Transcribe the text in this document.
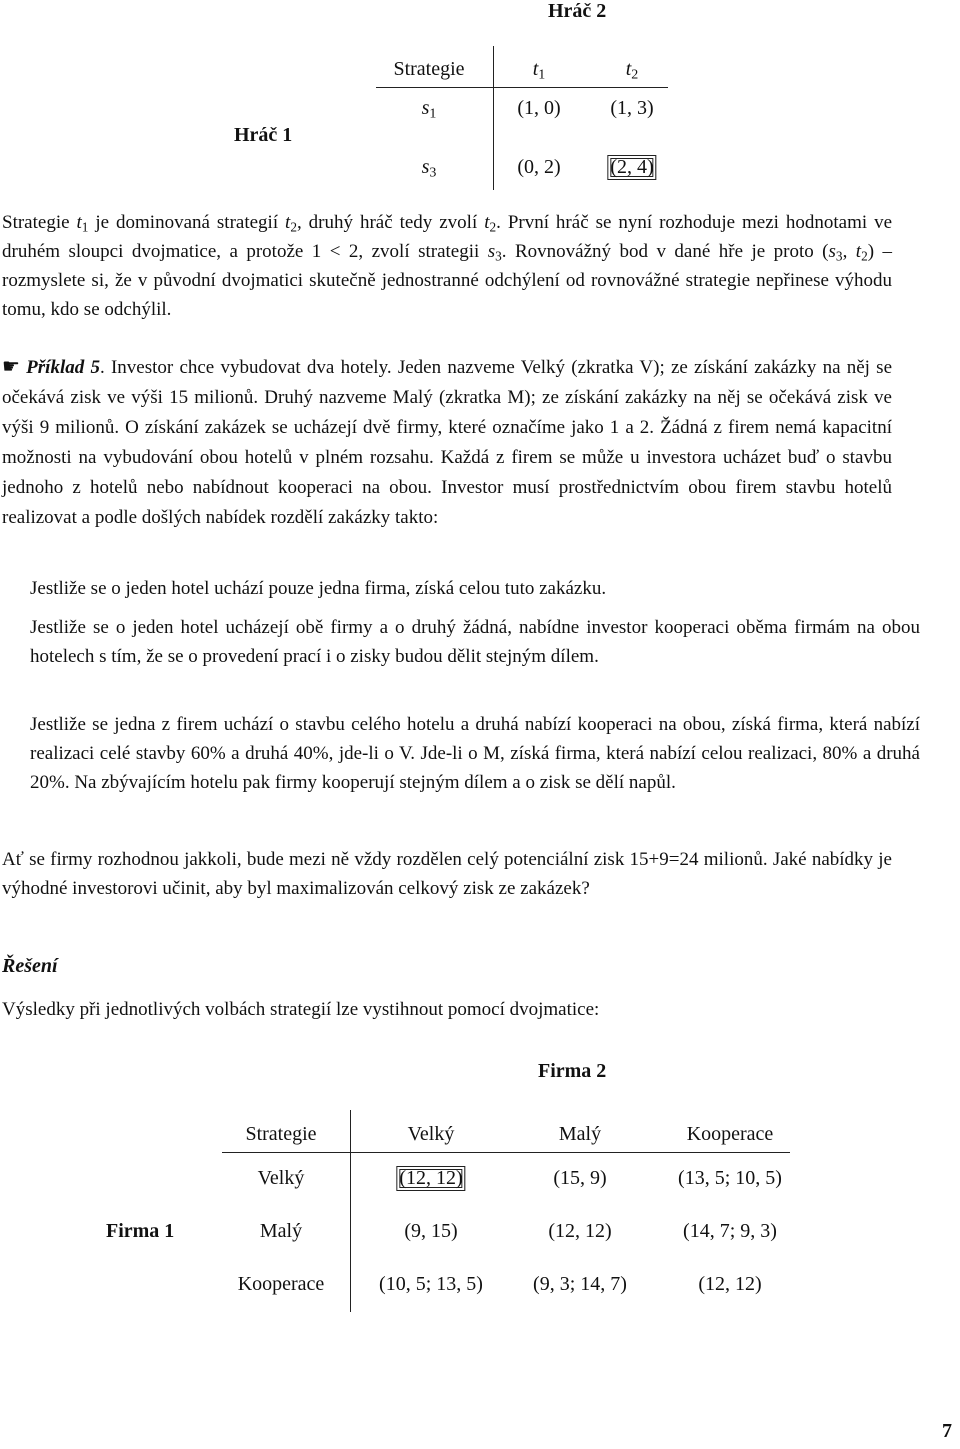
Hráč 2
Hráč 1
Strategie	$t_1$	$t_2$
$s_1$	(1, 0) (1, 3)
$s_3$	(0, 2) (2, 4)
Strategie $t_1$ je dominovaná strategií $t_2$, druhý hráč tedy zvolí $t_2$. První hráč se nyní rozhoduje mezi hodnotami ve druhém sloupci dvojmatice, a protože 1 < 2, zvolí strategii $s_3$. Rovnovážný bod v dané hře je proto ($s_3$, $t_2$) – rozmyslete si, že v původní dvojmatici skutečně jednostranné odchýlení od rovnovážné strategie nepřinese výhodu tomu, kdo se odchýlil.
☛ Příklad 5. Investor chce vybudovat dva hotely. Jeden nazveme Velký (zkratka V); ze získání zakázky na něj se očekává zisk ve výši 15 milionů. Druhý nazveme Malý (zkratka M); ze získání zakázky na něj se očekává zisk ve výši 9 milionů. O získání zakázek se ucházejí dvě firmy, které označíme jako 1 a 2. Žádná z firem nemá kapacitní možnosti na vybudování obou hotelů v plném rozsahu. Každá z firem se může u investora ucházet buď o stavbu jednoho z hotelů nebo nabídnout kooperaci na obou. Investor musí prostřednictvím obou firem stavbu hotelů realizovat a podle došlých nabídek rozdělí zakázky takto:
Jestliže se o jeden hotel uchází pouze jedna firma, získá celou tuto zakázku.
Jestliže se o jeden hotel ucházejí obě firmy a o druhý žádná, nabídne investor kooperaci oběma firmám na obou hotelech s tím, že se o provedení prací i o zisky budou dělit stejným dílem.
Jestliže se jedna z firem uchází o stavbu celého hotelu a druhá nabízí kooperaci na obou, získá firma, která nabízí realizaci celé stavby 60% a druhá 40%, jde-li o V. Jde-li o M, získá firma, která nabízí celou realizaci, 80% a druhá 20%. Na zbývajícím hotelu pak firmy kooperují stejným dílem a o zisk se dělí napůl.
Ať se firmy rozhodnou jakkoli, bude mezi ně vždy rozdělen celý potenciální zisk 15+9=24 milionů. Jaké nabídky je výhodné investorovi učinit, aby byl maximalizován celkový zisk ze zakázek?
Řešení
Výsledky při jednotlivých volbách strategií lze vystihnout pomocí dvojmatice:
Firma 2
Firma 1
Strategie	Velký	Malý	Kooperace
Velký	(12, 12)	(15, 9)	(13, 5; 10, 5)
Malý	(9, 15)	(12, 12)	(14, 7; 9, 3)
Kooperace	(10, 5; 13, 5)	(9, 3; 14, 7)	(12, 12)
7
